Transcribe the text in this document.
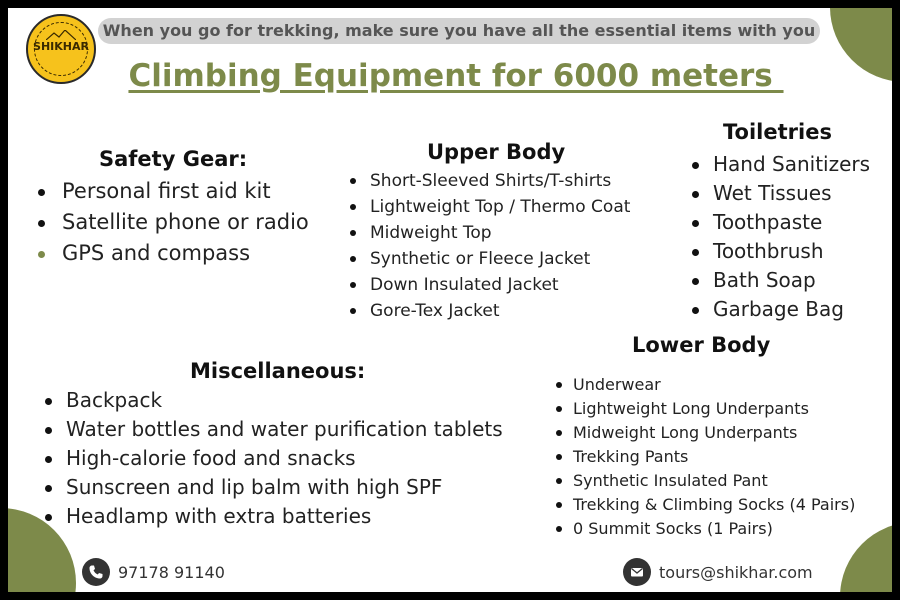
When you go for trekking, make sure you have all the essential items with you
SHIKHAR
Climbing Equipment for 6000 meters
Safety Gear:
Personal first aid kit
Satellite phone or radio
GPS and compass
Upper Body
Short-Sleeved Shirts/T-shirts
Lightweight Top / Thermo Coat
Midweight Top
Synthetic or Fleece Jacket
Down Insulated Jacket
Gore-Tex Jacket
Toiletries
Hand Sanitizers
Wet Tissues
Toothpaste
Toothbrush
Bath Soap
Garbage Bag
Lower Body
Underwear
Lightweight Long Underpants
Midweight Long Underpants
Trekking Pants
Synthetic Insulated Pant
Trekking & Climbing Socks (4 Pairs)
0 Summit Socks (1 Pairs)
Miscellaneous:
Backpack
Water bottles and water purification tablets
High-calorie food and snacks
Sunscreen and lip balm with high SPF
Headlamp with extra batteries
97178 91140	tours@shikhar.com
